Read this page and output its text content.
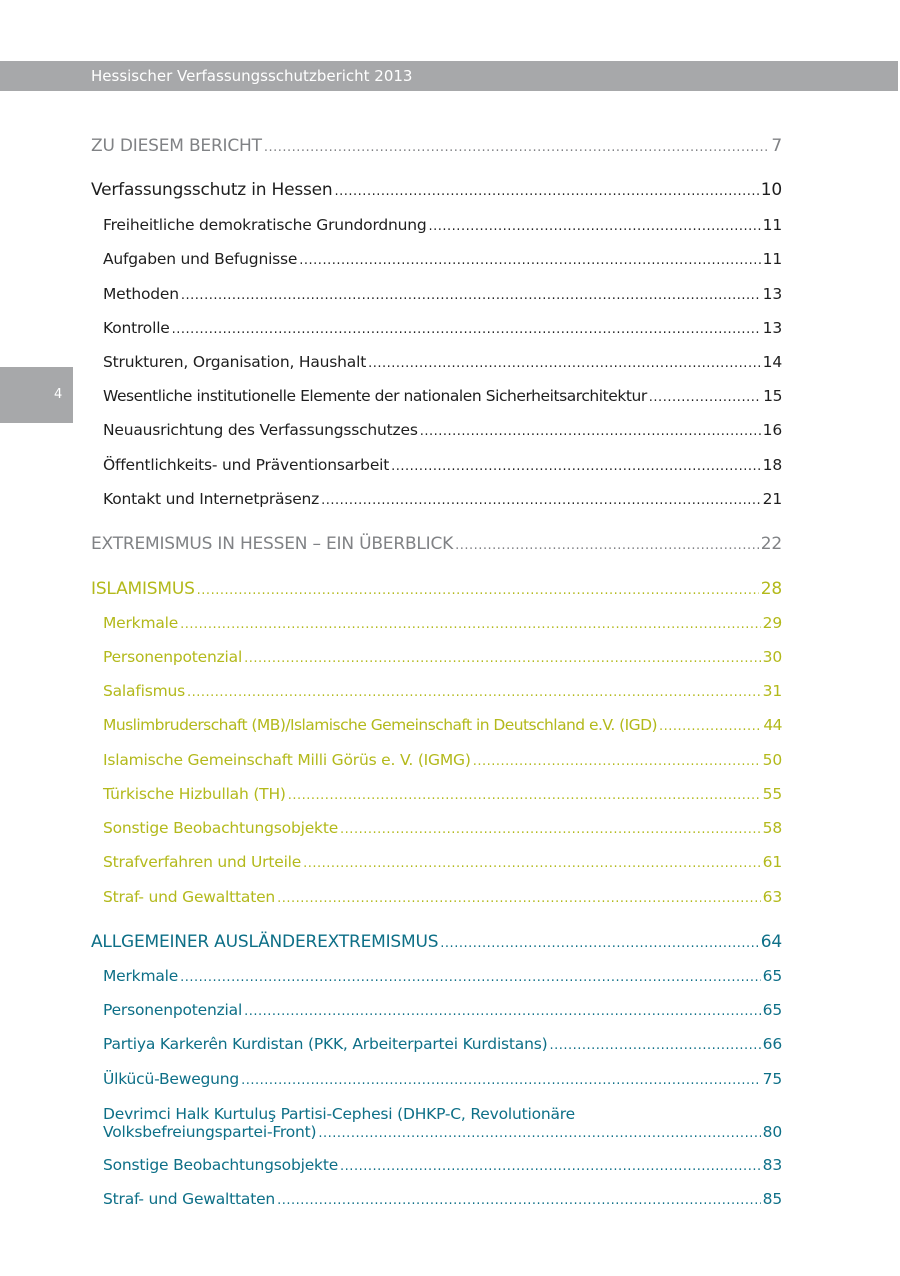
Hessischer Verfassungsschutzbericht 2013
4
ZU DIESEM BERICHT .....	7
Verfassungsschutz in Hessen .....	10
Freiheitliche demokratische Grundordnung .....	11
Aufgaben und Befugnisse .....	11
Methoden .....	13
Kontrolle .....	13
Strukturen, Organisation, Haushalt .....	14
Wesentliche institutionelle Elemente der nationalen Sicherheitsarchitektur .....	15
Neuausrichtung des Verfassungsschutzes .....	16
Öffentlichkeits- und Präventionsarbeit .....	18
Kontakt und Internetpräsenz .....	21
EXTREMISMUS IN HESSEN – EIN ÜBERBLICK .....	22
ISLAMISMUS .....	28
Merkmale .....	29
Personenpotenzial .....	30
Salafismus .....	31
Muslimbruderschaft (MB)/Islamische Gemeinschaft in Deutschland e.V. (IGD) .....	44
Islamische Gemeinschaft Milli Görüs e. V. (IGMG) .....	50
Türkische Hizbullah (TH) .....	55
Sonstige Beobachtungsobjekte .....	58
Strafverfahren und Urteile .....	61
Straf- und Gewalttaten .....	63
ALLGEMEINER AUSLÄNDEREXTREMISMUS .....	64
Merkmale .....	65
Personenpotenzial .....	65
Partiya Karkerên Kurdistan (PKK, Arbeiterpartei Kurdistans) .....	66
Ülkücü-Bewegung .....	75
Devrimci Halk Kurtuluş Partisi-Cephesi (DHKP-C, Revolutionäre
Volksbefreiungspartei-Front) .....	80
Sonstige Beobachtungsobjekte .....	83
Straf- und Gewalttaten .....	85
